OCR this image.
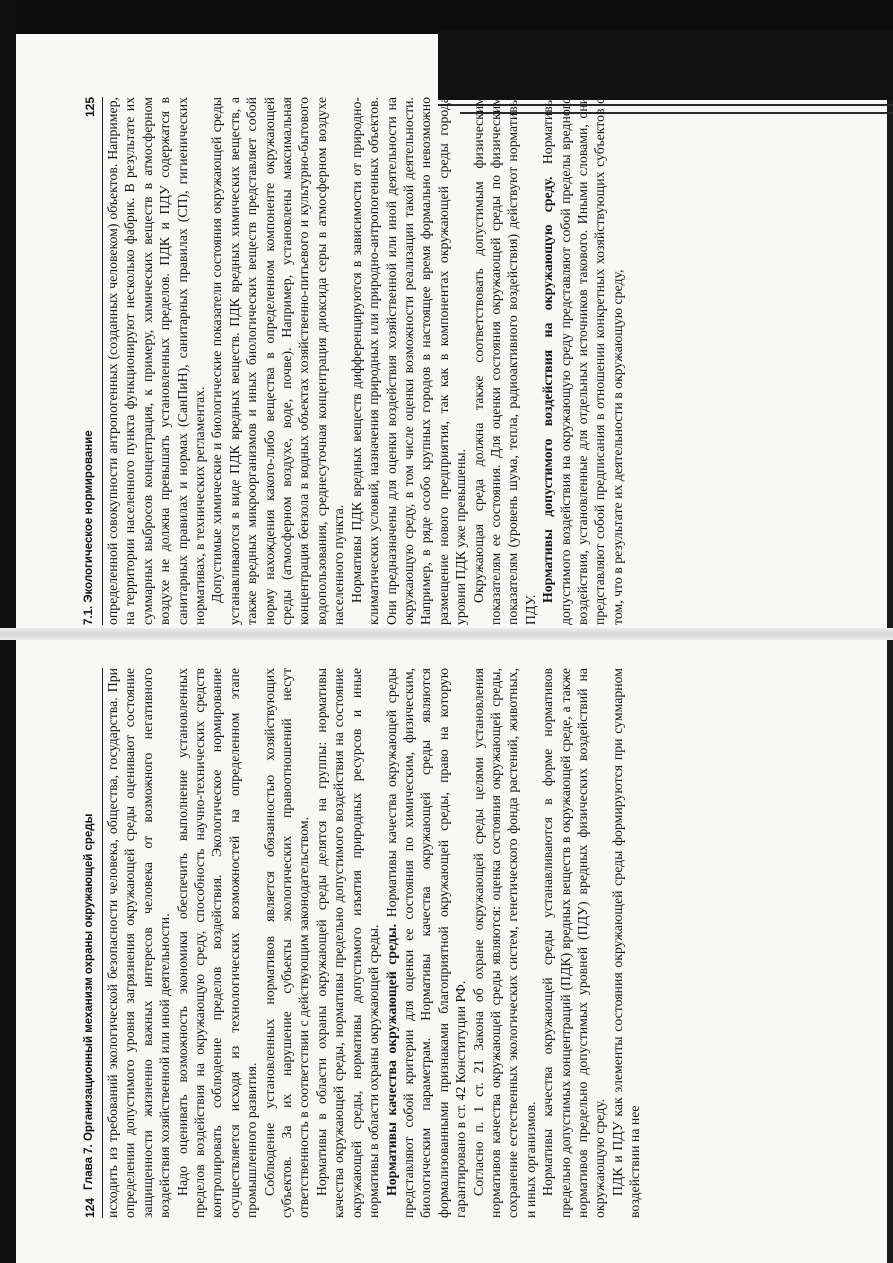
124
Глава 7. Организационный механизм охраны окружающей среды исходить из требований экологической безопасности человека, общества, государства. При определении допустимого уровня загрязнения окружающей среды оценивают состояние защищенности жизненно важных интересов человека от возможного негативного воздействия хозяйственной или иной деятельности. Надо оценивать возможность экономики обеспечить выполнение установленных пределов воздействия на окружающую среду, способность научно-технических средств контролировать соблюдение пределов воздействия. Экологическое нормирование осуществляется исходя из технологических возможностей на определенном этапе промышленного развития. Соблюдение установленных нормативов является обязанностью хозяйствующих субъектов. За их нарушение субъекты экологических правоотношений несут ответственность в соответствии с действующим законодательством. Нормативы в области охраны окружающей среды делятся на группы: нормативы качества окружающей среды, нормативы предельно допустимого воздействия на состояние окружающей среды, нормативы допустимого изъятия природных ресурсов и иные нормативы в области охраны окружающей среды. Нормативы качества окружающей среды. Нормативы качества окружающей среды представляют собой критерии для оценки ее состояния по химическим, физическим, биологическим параметрам. Нормативы качества окружающей среды являются формализованными признаками благоприятной окружающей среды, право на которую гарантировано в ст. 42 Конституции РФ. Согласно п. 1 ст. 21 Закона об охране окружающей среды целями установления нормативов качества окружающей среды являются: оценка состояния окружающей среды, сохранение естественных экологических систем, генетического фонда растений, животных, и иных организмов. Нормативы качества окружающей среды устанавливаются в форме нормативов предельно допустимых концентраций (ПДК) вредных веществ в окружающей среде, а также нормативов предельно допустимых уровней (ПДУ) вредных физических воздействий на окружающую среду. ПДК и ПДУ как элементы состояния окружающей среды формируются при суммарном воздействии на нее

7.1. Экологическое нормирование
125 определенной совокупности антропогенных (созданных человеком) объектов. Например, на территории населенного пункта функционируют несколько фабрик. В результате их суммарных выбросов концентрация, к примеру, химических веществ в атмосферном воздухе не должна превышать установленных пределов. ПДК и ПДУ содержатся в санитарных правилах и нормах (СанПиН), санитарных правилах (СП), гигиенических нормативах, в технических регламентах. Допустимые химические и биологические показатели состояния окружающей среды устанавливаются в виде ПДК вредных веществ. ПДК вредных химических веществ, а также вредных микроорганизмов и иных биологических веществ представляет собой норму нахождения какого-либо вещества в определенном компоненте окружающей среды (атмосферном воздухе, воде, почве). Например, установлены максимальная концентрация бензола в водных объектах хозяйственно-питьевого и культурно-бытового водопользования, среднесуточная концентрация диоксида серы в атмосферном воздухе населенного пункта. Нормативы ПДК вредных веществ дифференцируются в зависимости от природно-климатических условий, назначения природных или природно-антропогенных объектов. Они предназначены для оценки воздействия хозяйственной или иной деятельности на окружающую среду, в том числе оценки возможности реализации такой деятельности. Например, в ряде особо крупных городов в настоящее время формально невозможно размещение нового предприятия, так как в компонентах окружающей среды города уровни ПДК уже превышены. Окружающая среда должна также соответствовать допустимым физическим показателям ее состояния. Для оценки состояния окружающей среды по физическим показателям (уровень шума, тепла, радиоактивного воздействия) действуют нормативы ПДУ.

Нормативы допустимого воздействия на окружающую среду. Нормативы допустимого воздействия на окружающую среду представляют собой пределы вредного воздействия, установленные для отдельных источников такового. Иными словами, они представляют собой предписания в отношении конкретных хозяйствующих субъектов о том, что в результате их деятельности в окружающую среду,
